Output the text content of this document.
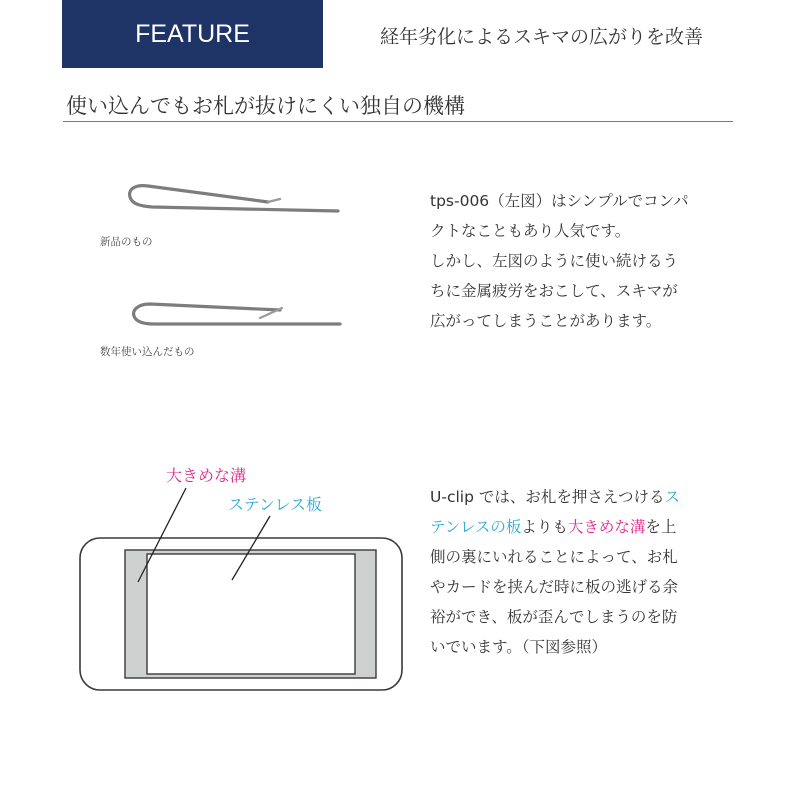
FEATURE	経年劣化によるスキマの広がりを改善
使い込んでもお札が抜けにくい独自の機構
新品のもの
数年使い込んだもの
tps-006（左図）はシンプルでコンパ
クトなこともあり人気です。
しかし、左図のように使い続けるう
ちに金属疲労をおこして、スキマが
広がってしまうことがあります。
大きめな溝
ステンレス板	U-clip では、お札を押さえつけるス
テンレスの板よりも大きめな溝を上
側の裏にいれることによって、お札
やカードを挟んだ時に板の逃げる余
裕ができ、板が歪んでしまうのを防
いでいます。（下図参照）
